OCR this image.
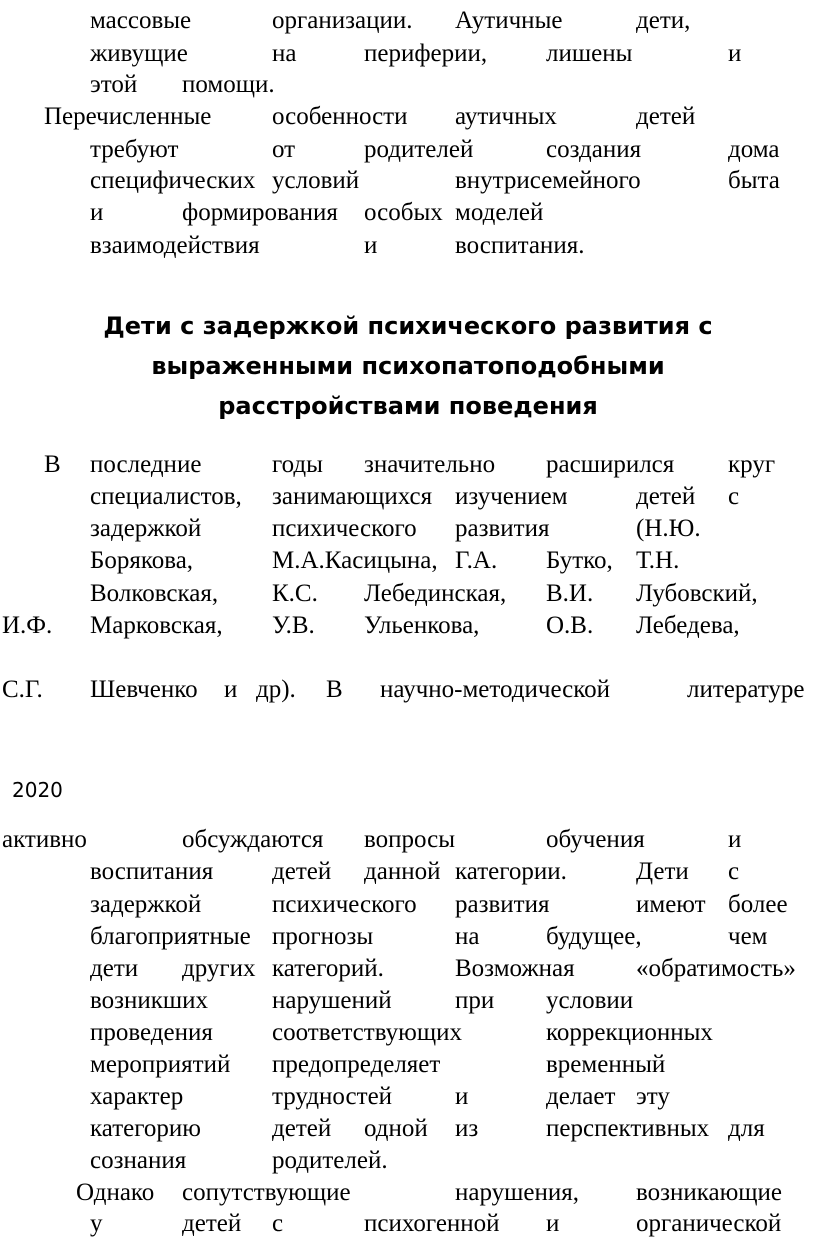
массовые	организации. Аутичные	дети,
живущие	на	периферии, лишены	и
этой помощи.
Перечисленные особенности аутичных	детей
требуют	от	родителей	создания	дома
специфических условий	внутрисемейного	быта
и	формирования особых моделей
взаимодействия	и	воспитания.
Дети с задержкой психического развития с
выраженными психопатоподобными
расстройствами поведения
В последние	годы значительно расширился круг
специалистов, занимающихся изучением	детей с
задержкой	психического развития	(Н.Ю.
Борякова,	М.А.Касицына, Г.А. Бутко, Т.Н.
Волковская, К.С. Лебединская, В.И. Лубовский,
И.Ф. Марковская, У.В. Ульенкова,	О.В. Лебедева,
С.Г. Шевченко и др). В научно-методической	литературе
2020
активно	обсуждаются вопросы	обучения	и
воспитания детей данной категории.	Дети с
задержкой	психического развития	имеют более
благоприятные прогнозы	на	будущее,	чем
дети других категорий.	Возможная «обратимость»
возникших	нарушений	при условии
проведения соответствующих	коррекционных
мероприятий предопределяет	временный
характер	трудностей	и	делает эту
категорию	детей одной из	перспективных для
сознания	родителей.
Однако сопутствующие	нарушения, возникающие
у	детей с	психогенной и	органической
